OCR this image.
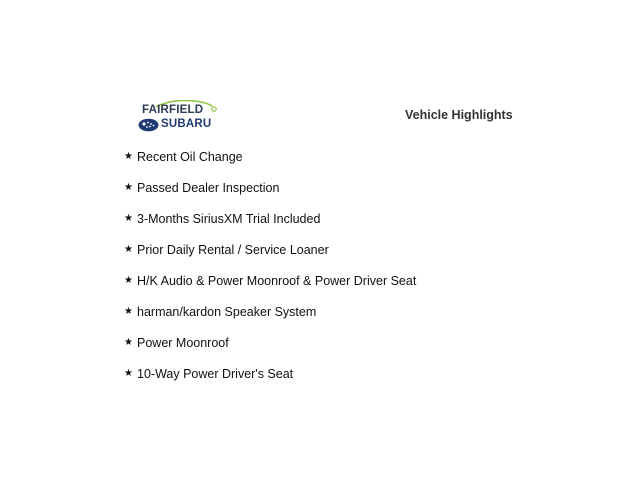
FAIRFIELD
SUBARU
Vehicle Highlights
★ Recent Oil Change
★ Passed Dealer Inspection
★ 3-Months SiriusXM Trial Included
★ Prior Daily Rental / Service Loaner
★ H/K Audio & Power Moonroof & Power Driver Seat
★ harman/kardon Speaker System
★ Power Moonroof
★ 10-Way Power Driver's Seat
